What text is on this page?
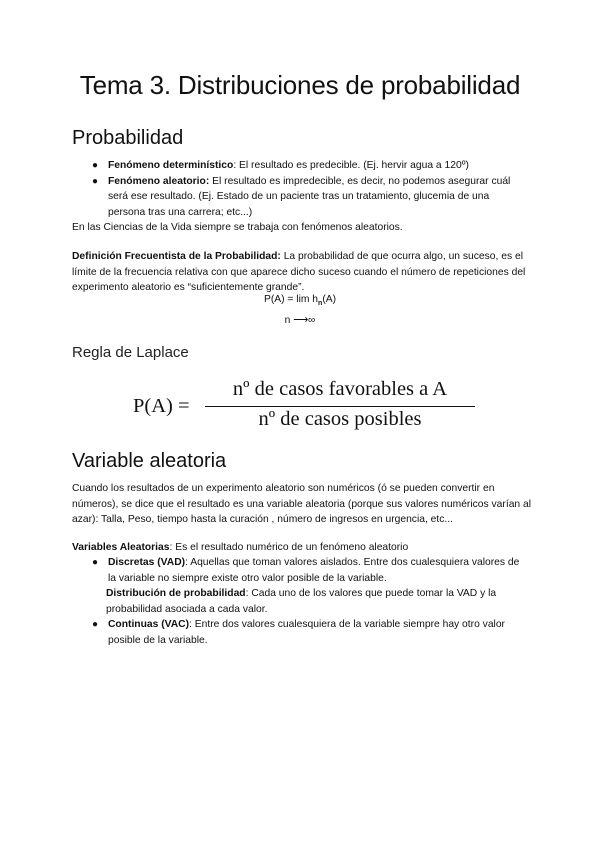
Tema 3. Distribuciones de probabilidad
Probabilidad
● Fenómeno determinístico: El resultado es predecible. (Ej. hervir agua a 120º)
● Fenómeno aleatorio: El resultado es impredecible, es decir, no podemos asegurar cuál será ese resultado. (Ej. Estado de un paciente tras un tratamiento, glucemia de una persona tras una carrera; etc...)
En las Ciencias de la Vida siempre se trabaja con fenómenos aleatorios.
Definición Frecuentista de la Probabilidad: La probabilidad de que ocurra algo, un suceso, es el límite de la frecuencia relativa con que aparece dicho suceso cuando el número de repeticiones del experimento aleatorio es “suficientemente grande”.
$P(A) = \lim h_n(A)$
n ⟶∞
Regla de Laplace
P(A) =
nº de casos favorables a A
nº de casos posibles
Variable aleatoria
Cuando los resultados de un experimento aleatorio son numéricos (ó se pueden convertir en números), se dice que el resultado es una variable aleatoria (porque sus valores numéricos varían al azar): Talla, Peso, tiempo hasta la curación , número de ingresos en urgencia, etc...
Variables Aleatorias: Es el resultado numérico de un fenómeno aleatorio
● Discretas (VAD): Aquellas que toman valores aislados. Entre dos cualesquiera valores de la variable no siempre existe otro valor posible de la variable.
Distribución de probabilidad: Cada uno de los valores que puede tomar la VAD y la probabilidad asociada a cada valor.
● Continuas (VAC): Entre dos valores cualesquiera de la variable siempre hay otro valor posible de la variable.
